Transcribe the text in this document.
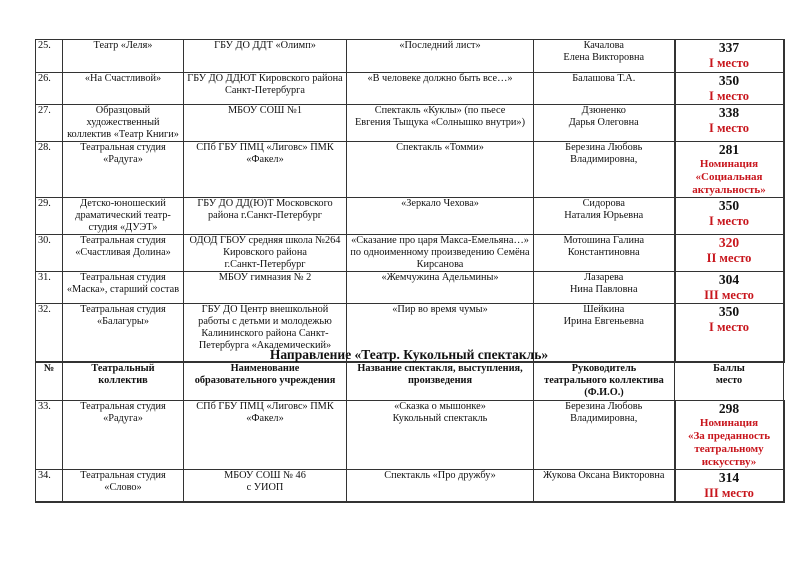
25.	Театр «Леля»	ГБУ ДО ДДТ «Олимп»	«Последний лист»	Качалова
Елена Викторовна	337
I место

26.	«На Счастливой»	ГБУ ДО ДДЮТ Кировского района
Санкт-Петербурга	«В человеке должно быть все…»	Балашова Т.А.	350
I место

27.	Образцовый
художественный
коллектив «Театр Книги»	МБОУ СОШ №1	Спектакль «Куклы» (по пьесе
Евгения Тыщука «Солнышко внутри»)	Дзюненко
Дарья Олеговна	338
I место

28.	Театральная студия
«Радуга»	СПб ГБУ ПМЦ «Лиговс» ПМК
«Факел»	Спектакль «Томми»	Березина Любовь
Владимировна,	281
Номинация
«Социальная
актуальность»

29.	Детско-юношеский
драматический театр-
студия «ДУЭТ»	ГБУ ДО ДД(Ю)Т Московского
района г.Санкт-Петербург	«Зеркало Чехова»	Сидорова
Наталия Юрьевна	350
I место

30.	Театральная студия
«Счастливая Долина»	ОДОД ГБОУ средняя школа №264
Кировского района
г.Санкт-Петербург	«Сказание про царя Макса-Емельяна…»
по одноименному произведению Семёна
Кирсанова	Мотошина Галина
Константиновна	320
II место

31.	Театральная студия
«Маска», старший состав	МБОУ гимназия № 2	«Жемчужина Адельмины»	Лазарева
Нина Павловна	304
III место

32.	Театральная студия
«Балагуры»	ГБУ ДО Центр внешкольной
работы с детьми и молодежью
Калининского района Санкт-
Петербурга «Академический»	«Пир во время чумы»	Шейкина
Ирина Евгеньевна	350
I место
Направление «Театр. Кукольный спектакль»
№	Театральный
коллектив	Наименование
образовательного учреждения	Название спектакля, выступления,
произведения	Руководитель
театрального коллектива
(Ф.И.О.)	Баллы
место

33.	Театральная студия
«Радуга»	СПб ГБУ ПМЦ «Лиговс» ПМК
«Факел»	«Сказка о мышонке»
Кукольный спектакль	Березина Любовь
Владимировна,	298
Номинация
«За преданность
театральному
искусству»

34.	Театральная студия
«Слово»	МБОУ СОШ № 46
с УИОП	Спектакль «Про дружбу»	Жукова Оксана Викторовна	314
III место
